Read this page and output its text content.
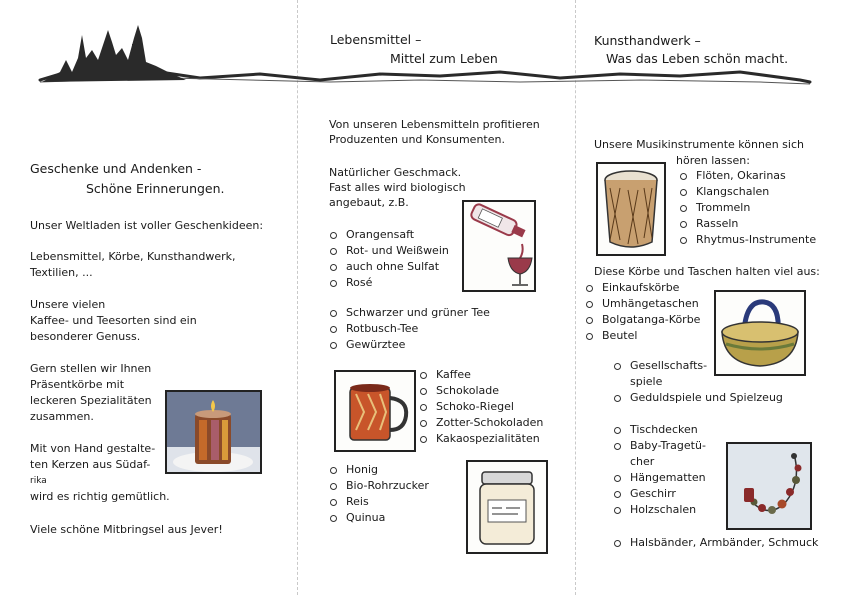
Geschenke und Andenken -
Schöne Erinnerungen.
Unser Weltladen ist voller Geschenkideen:
Lebensmittel, Körbe, Kunsthandwerk,
Textilien, ...
Unsere vielen
Kaffee- und Teesorten sind ein
besonderer Genuss.
Gern stellen wir Ihnen
Präsentkörbe mit
leckeren Spezialitäten
zusammen.
Mit von Hand gestalte-
ten Kerzen aus Südaf-
rika
wird es richtig gemütlich.
Viele schöne Mitbringsel aus Jever!
Lebensmittel –
Mittel zum Leben
Von unseren Lebensmitteln profitieren
Produzenten und Konsumenten.
Natürlicher Geschmack.
Fast alles wird biologisch
angebaut, z.B.
Orangensaft
Rot- und Weißwein
auch ohne Sulfat
Rosé
Schwarzer und grüner Tee
Rotbusch-Tee
Gewürztee
Kaffee
Schokolade
Schoko-Riegel
Zotter-Schokoladen
Kakaospezialitäten
Honig
Bio-Rohrzucker
Reis
Quinua
Kunsthandwerk –
Was das Leben schön macht.
Unsere Musikinstrumente können sich
hören lassen:
Flöten, Okarinas
Klangschalen
Trommeln
Rasseln
Rhytmus-Instrumente
Diese Körbe und Taschen halten viel aus:
Einkaufskörbe
Umhängetaschen
Bolgatanga-Körbe
Beutel
Gesellschafts-spiele
Geduldspiele und Spielzeug
Tischdecken
Baby-Tragetü-cher
Hängematten
Geschirr
Holzschalen
Halsbänder, Armbänder, Schmuck
